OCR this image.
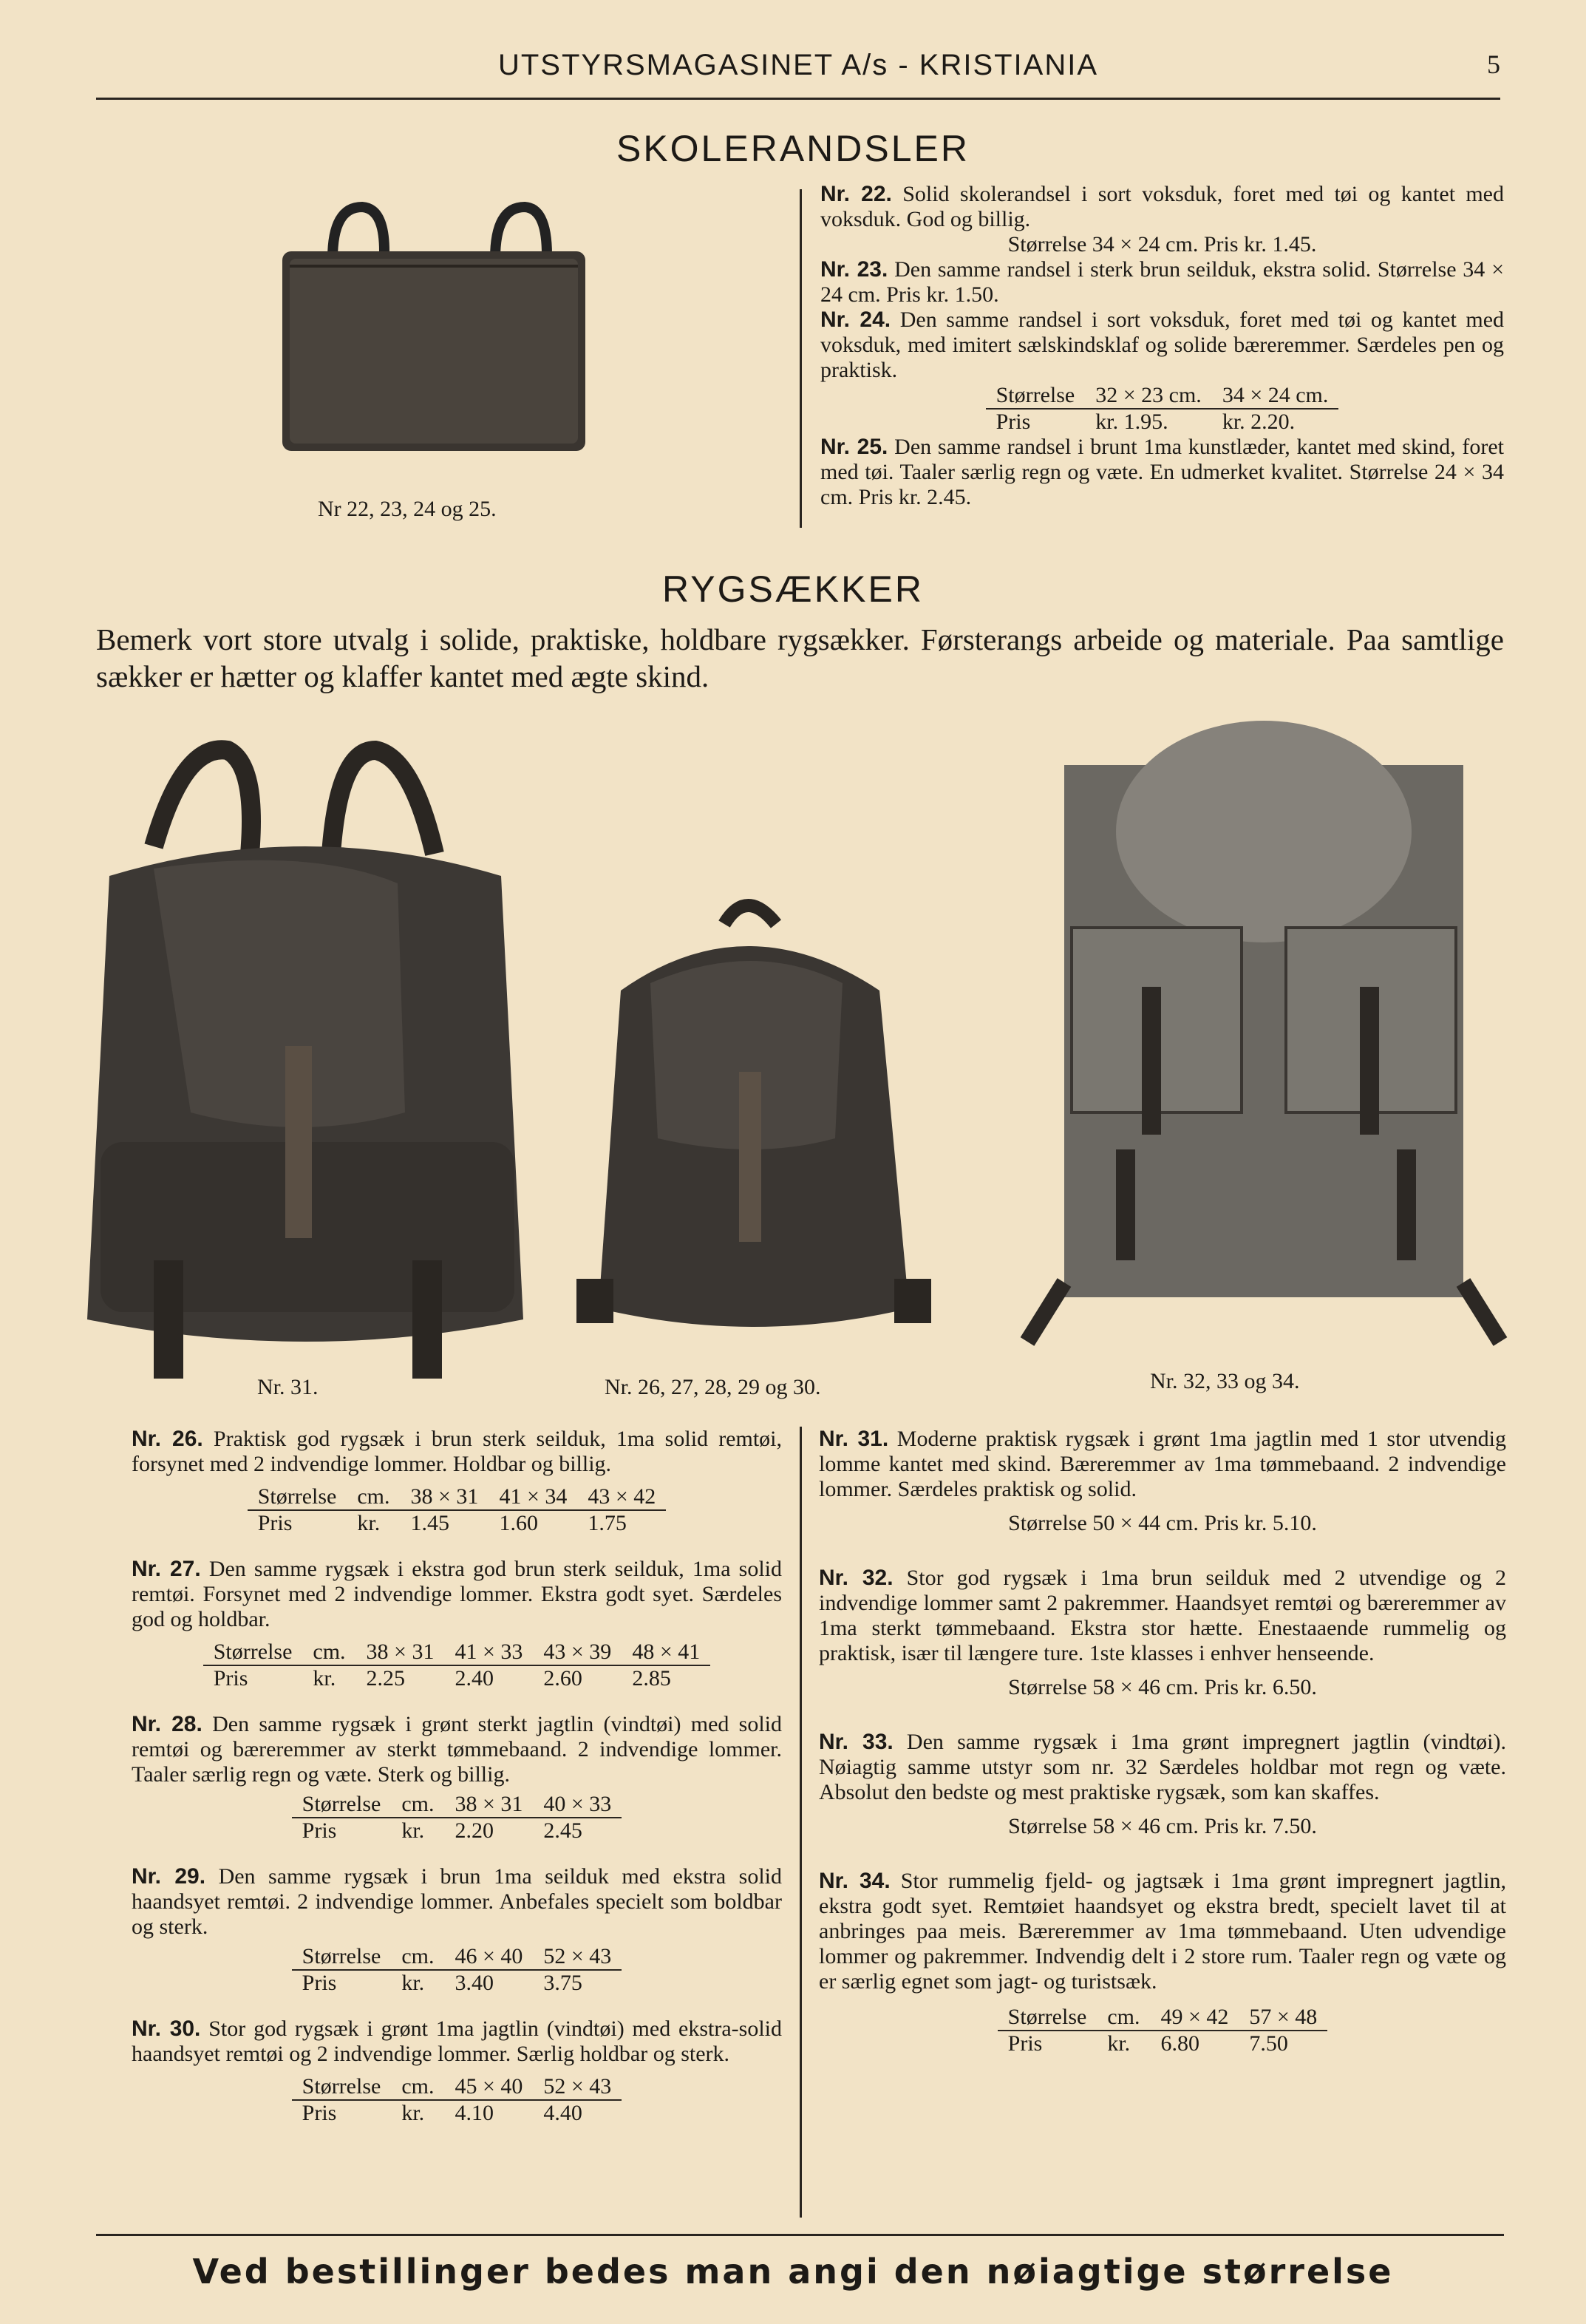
UTSTYRSMAGASINET A/s - KRISTIANIA	5
SKOLERANDSLER
Nr 22, 23, 24 og 25.
Nr. 22. Solid skolerandsel i sort voksduk, foret med tøi og kantet med voksduk. God og billig.
Størrelse 34 × 24 cm. Pris kr. 1.45.
Nr. 23. Den samme randsel i sterk brun seilduk, ekstra solid. Størrelse 34 × 24 cm. Pris kr. 1.50.
Nr. 24. Den samme randsel i sort voksduk, foret med tøi og kantet med voksduk, med imitert sælskindsklaf og solide bæreremmer. Særdeles pen og praktisk.
Størrelse	32 × 23 cm.	34 × 24 cm.
Pris	kr. 1.95.	kr. 2.20.
Nr. 25. Den samme randsel i brunt 1ma kunstlæder, kantet med skind, foret med tøi. Taaler særlig regn og væte. En udmerket kvalitet. Størrelse 24 × 34 cm. Pris kr. 2.45.
RYGSÆKKER
Bemerk vort store utvalg i solide, praktiske, holdbare rygsækker. Førsterangs arbeide og materiale. Paa samtlige sækker er hætter og klaffer kantet med ægte skind.
Nr. 31.	Nr. 26, 27, 28, 29 og 30.	Nr. 32, 33 og 34.
Nr. 26. Praktisk god rygsæk i brun sterk seilduk, 1ma solid remtøi, forsynet med 2 indvendige lommer. Holdbar og billig.
Størrelse	cm.	38 × 31	41 × 34	43 × 42
Pris	kr.	1.45	1.60	1.75
Nr. 27. Den samme rygsæk i ekstra god brun sterk seilduk, 1ma solid remtøi. Forsynet med 2 indvendige lommer. Ekstra godt syet. Særdeles god og holdbar.
Størrelse	cm.	38 × 31	41 × 33	43 × 39	48 × 41
Pris	kr.	2.25	2.40	2.60	2.85
Nr. 28. Den samme rygsæk i grønt sterkt jagtlin (vindtøi) med solid remtøi og bæreremmer av sterkt tømmebaand. 2 indvendige lommer. Taaler særlig regn og væte. Sterk og billig.
Størrelse	cm.	38 × 31	40 × 33
Pris	kr.	2.20	2.45
Nr. 29. Den samme rygsæk i brun 1ma seilduk med ekstra solid haandsyet remtøi. 2 indvendige lommer. Anbefales specielt som boldbar og sterk.
Størrelse	cm.	46 × 40	52 × 43
Pris	kr.	3.40	3.75
Nr. 30. Stor god rygsæk i grønt 1ma jagtlin (vindtøi) med ekstra-solid haandsyet remtøi og 2 indvendige lommer. Særlig holdbar og sterk.
Størrelse	cm.	45 × 40	52 × 43
Pris	kr.	4.10	4.40
Nr. 31. Moderne praktisk rygsæk i grønt 1ma jagtlin med 1 stor utvendig lomme kantet med skind. Bæreremmer av 1ma tømmebaand. 2 indvendige lommer. Særdeles praktisk og solid.
Størrelse 50 × 44 cm. Pris kr. 5.10.
Nr. 32. Stor god rygsæk i 1ma brun seilduk med 2 utvendige og 2 indvendige lommer samt 2 pakremmer. Haandsyet remtøi og bæreremmer av 1ma sterkt tømmebaand. Ekstra stor hætte. Enestaaende rummelig og praktisk, især til længere ture. 1ste klasses i enhver henseende.
Størrelse 58 × 46 cm. Pris kr. 6.50.
Nr. 33. Den samme rygsæk i 1ma grønt impregnert jagtlin (vindtøi). Nøiagtig samme utstyr som nr. 32 Særdeles holdbar mot regn og væte. Absolut den bedste og mest praktiske rygsæk, som kan skaffes.
Størrelse 58 × 46 cm. Pris kr. 7.50.
Nr. 34. Stor rummelig fjeld- og jagtsæk i 1ma grønt impregnert jagtlin, ekstra godt syet. Remtøiet haandsyet og ekstra bredt, specielt lavet til at anbringes paa meis. Bæreremmer av 1ma tømmebaand. Uten udvendige lommer og pakremmer. Indvendig delt i 2 store rum. Taaler regn og væte og er særlig egnet som jagt- og turistsæk.
Størrelse	cm.	49 × 42	57 × 48
Pris	kr.	6.80	7.50
Ved bestillinger bedes man angi den nøiagtige størrelse
